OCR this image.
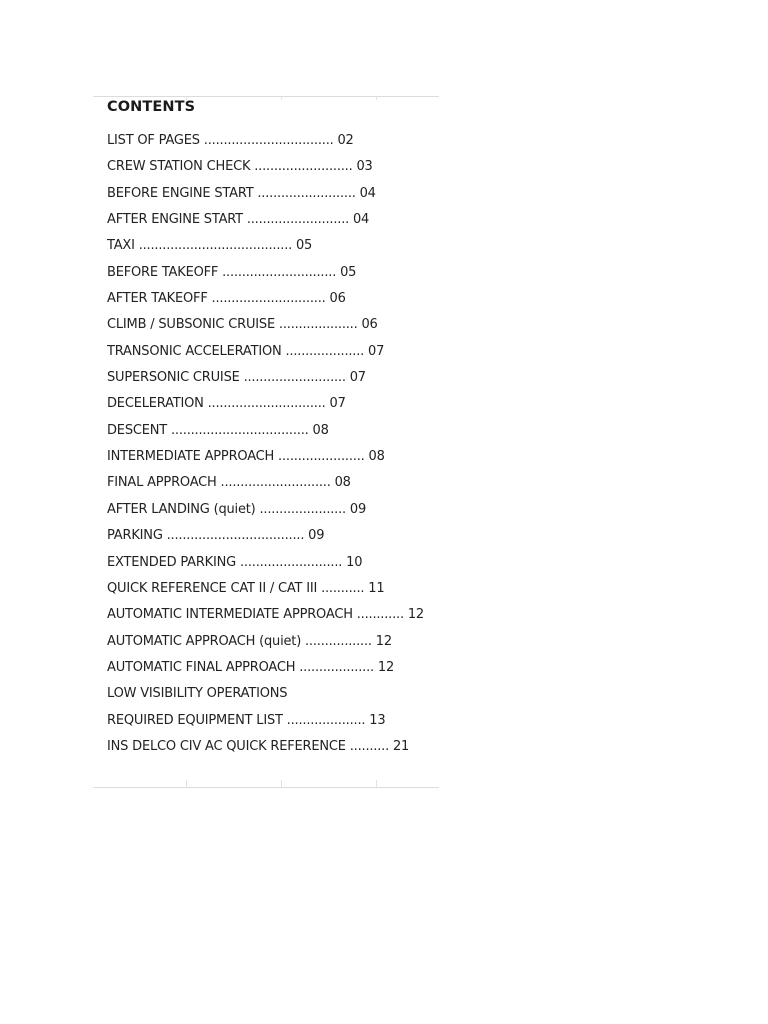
CONTENTS
LIST OF PAGES ................................. 02
CREW STATION CHECK ......................... 03
BEFORE ENGINE START ......................... 04
AFTER ENGINE START .......................... 04
TAXI ....................................... 05
BEFORE TAKEOFF ............................. 05
AFTER TAKEOFF ............................. 06
CLIMB / SUBSONIC CRUISE .................... 06
TRANSONIC ACCELERATION .................... 07
SUPERSONIC CRUISE .......................... 07
DECELERATION .............................. 07
DESCENT ................................... 08
INTERMEDIATE APPROACH ...................... 08
FINAL APPROACH ............................ 08
AFTER LANDING (quiet) ...................... 09
PARKING ................................... 09
EXTENDED PARKING .......................... 10
QUICK REFERENCE CAT II / CAT III ........... 11
AUTOMATIC INTERMEDIATE APPROACH ............ 12
AUTOMATIC APPROACH (quiet) ................. 12
AUTOMATIC FINAL APPROACH ................... 12
LOW VISIBILITY OPERATIONS
REQUIRED EQUIPMENT LIST .................... 13
INS DELCO CIV AC QUICK REFERENCE .......... 21
